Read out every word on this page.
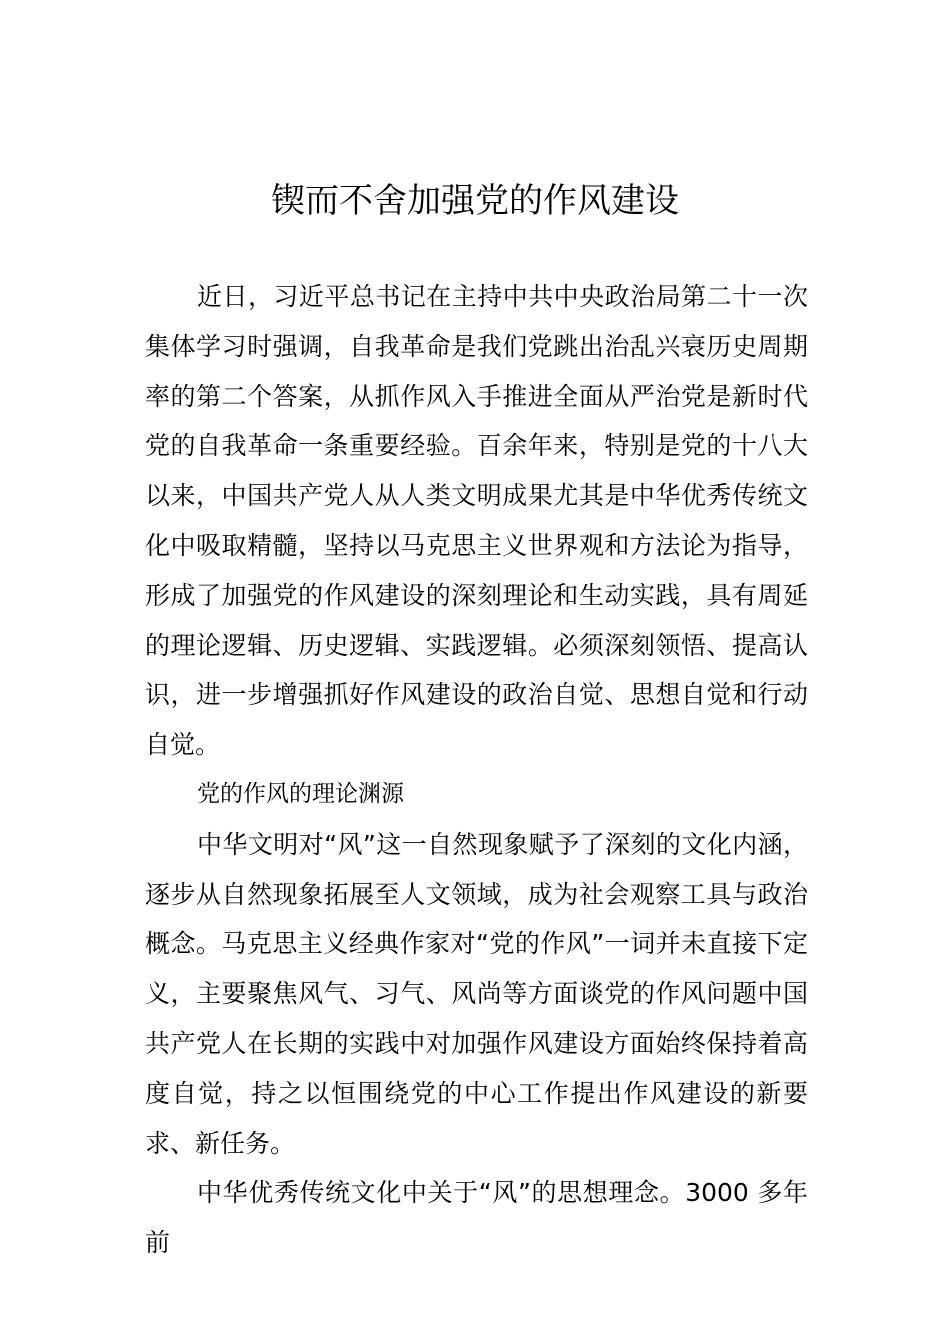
锲而不舍加强党的作风建设

近日，习近平总书记在主持中共中央政治局第二十一次集体学习时强调，自我革命是我们党跳出治乱兴衰历史周期率的第二个答案，从抓作风入手推进全面从严治党是新时代党的自我革命一条重要经验。百余年来，特别是党的十八大以来，中国共产党人从人类文明成果尤其是中华优秀传统文化中吸取精髓，坚持以马克思主义世界观和方法论为指导，形成了加强党的作风建设的深刻理论和生动实践，具有周延的理论逻辑、历史逻辑、实践逻辑。必须深刻领悟、提高认识，进一步增强抓好作风建设的政治自觉、思想自觉和行动自觉。

党的作风的理论渊源

中华文明对“风”这一自然现象赋予了深刻的文化内涵，逐步从自然现象拓展至人文领域，成为社会观察工具与政治概念。马克思主义经典作家对“党的作风”一词并未直接下定义，主要聚焦风气、习气、风尚等方面谈党的作风问题中国共产党人在长期的实践中对加强作风建设方面始终保持着高度自觉，持之以恒围绕党的中心工作提出作风建设的新要求、新任务。

中华优秀传统文化中关于“风”的思想理念。3000 多年前
